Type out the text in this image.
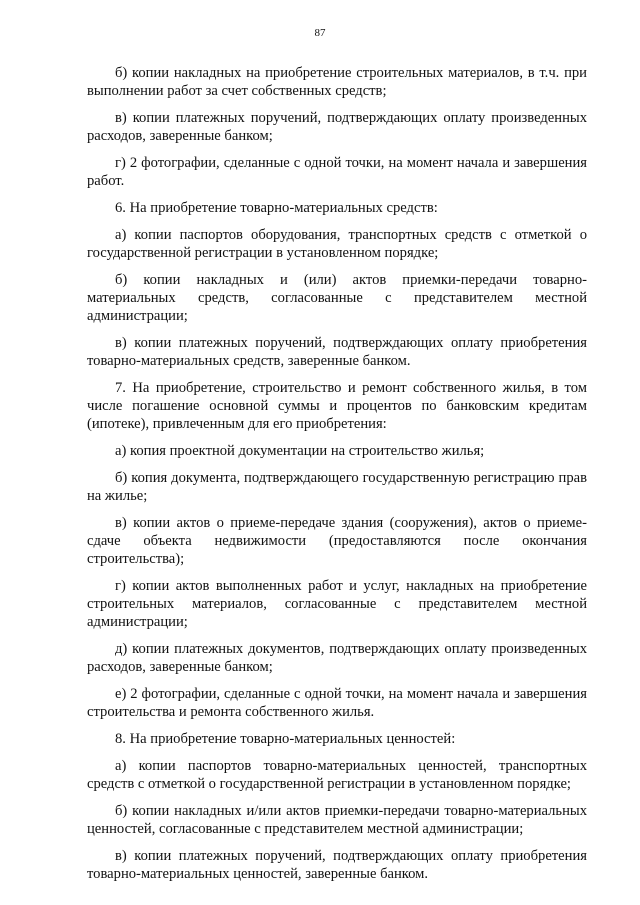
87

б) копии накладных на приобретение строительных материалов, в т.ч. при выполнении работ за счет собственных средств;

в) копии платежных поручений, подтверждающих оплату произведенных расходов, заверенные банком;

г) 2 фотографии, сделанные с одной точки, на момент начала и завершения работ.

6. На приобретение товарно-материальных средств:

а) копии паспортов оборудования, транспортных средств с отметкой о государственной регистрации в установленном порядке;

б) копии накладных и (или) актов приемки-передачи товарно-материальных средств, согласованные с представителем местной администрации;

в) копии платежных поручений, подтверждающих оплату приобретения товарно-материальных средств, заверенные банком.

7. На приобретение, строительство и ремонт собственного жилья, в том числе погашение основной суммы и процентов по банковским кредитам (ипотеке), привлеченным для его приобретения:

а) копия проектной документации на строительство жилья;

б) копия документа, подтверждающего государственную регистрацию прав на жилье;

в) копии актов о приеме-передаче здания (сооружения), актов о приеме-сдаче объекта недвижимости (предоставляются после окончания строительства);

г) копии актов выполненных работ и услуг, накладных на приобретение строительных материалов, согласованные с представителем местной администрации;

д) копии платежных документов, подтверждающих оплату произведенных расходов, заверенные банком;

е) 2 фотографии, сделанные с одной точки, на момент начала и завершения строительства и ремонта собственного жилья.

8. На приобретение товарно-материальных ценностей:

а) копии паспортов товарно-материальных ценностей, транспортных средств с отметкой о государственной регистрации в установленном порядке;

б) копии накладных и/или актов приемки-передачи товарно-материальных ценностей, согласованные с представителем местной администрации;

в) копии платежных поручений, подтверждающих оплату приобретения товарно-материальных ценностей, заверенные банком.
